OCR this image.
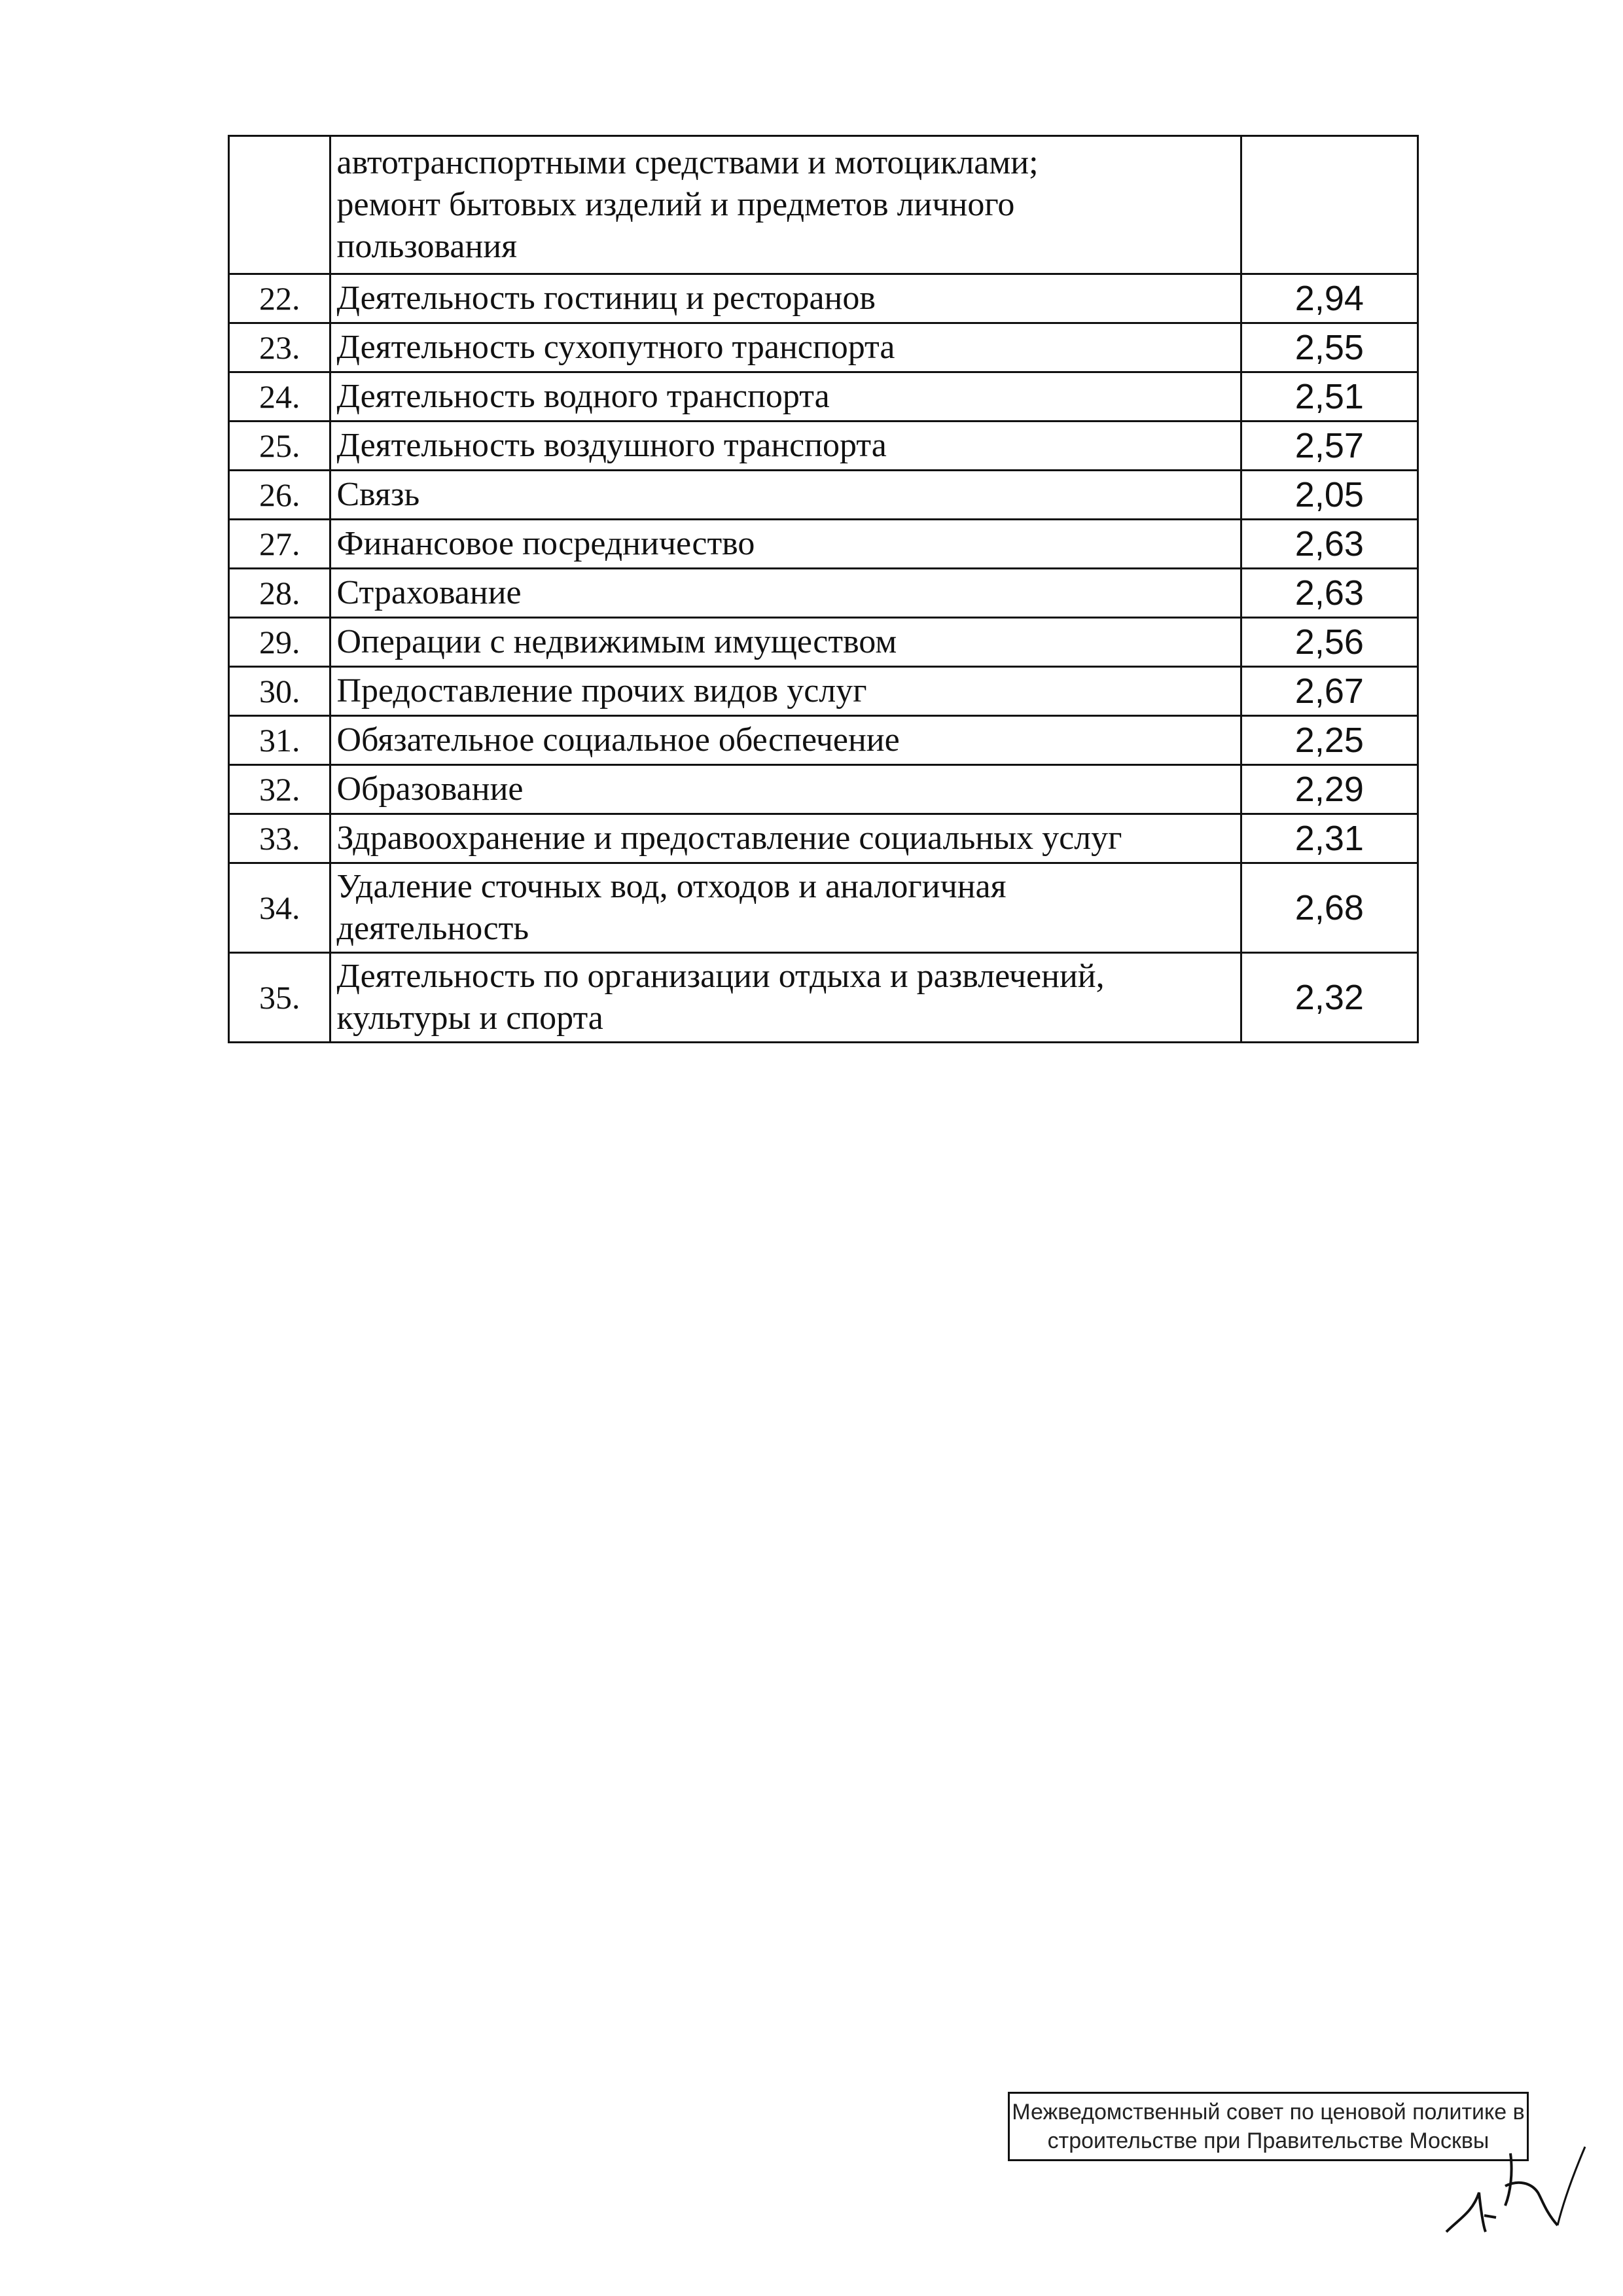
	автотранспортными средствами и мотоциклами;
ремонт бытовых изделий и предметов личного
пользования	
22.	Деятельность гостиниц и ресторанов	2,94
23.	Деятельность сухопутного транспорта	2,55
24.	Деятельность водного транспорта	2,51
25.	Деятельность воздушного транспорта	2,57
26.	Связь	2,05
27.	Финансовое посредничество	2,63
28.	Страхование	2,63
29.	Операции с недвижимым имуществом	2,56
30.	Предоставление прочих видов услуг	2,67
31.	Обязательное социальное обеспечение	2,25
32.	Образование	2,29
33.	Здравоохранение и предоставление социальных услуг	2,31
34.	Удаление сточных вод, отходов и аналогичная
деятельность	2,68
35.	Деятельность по организации отдыха и развлечений,
культуры и спорта	2,32
Межведомственный совет по ценовой политике в
строительстве при Правительстве Москвы
